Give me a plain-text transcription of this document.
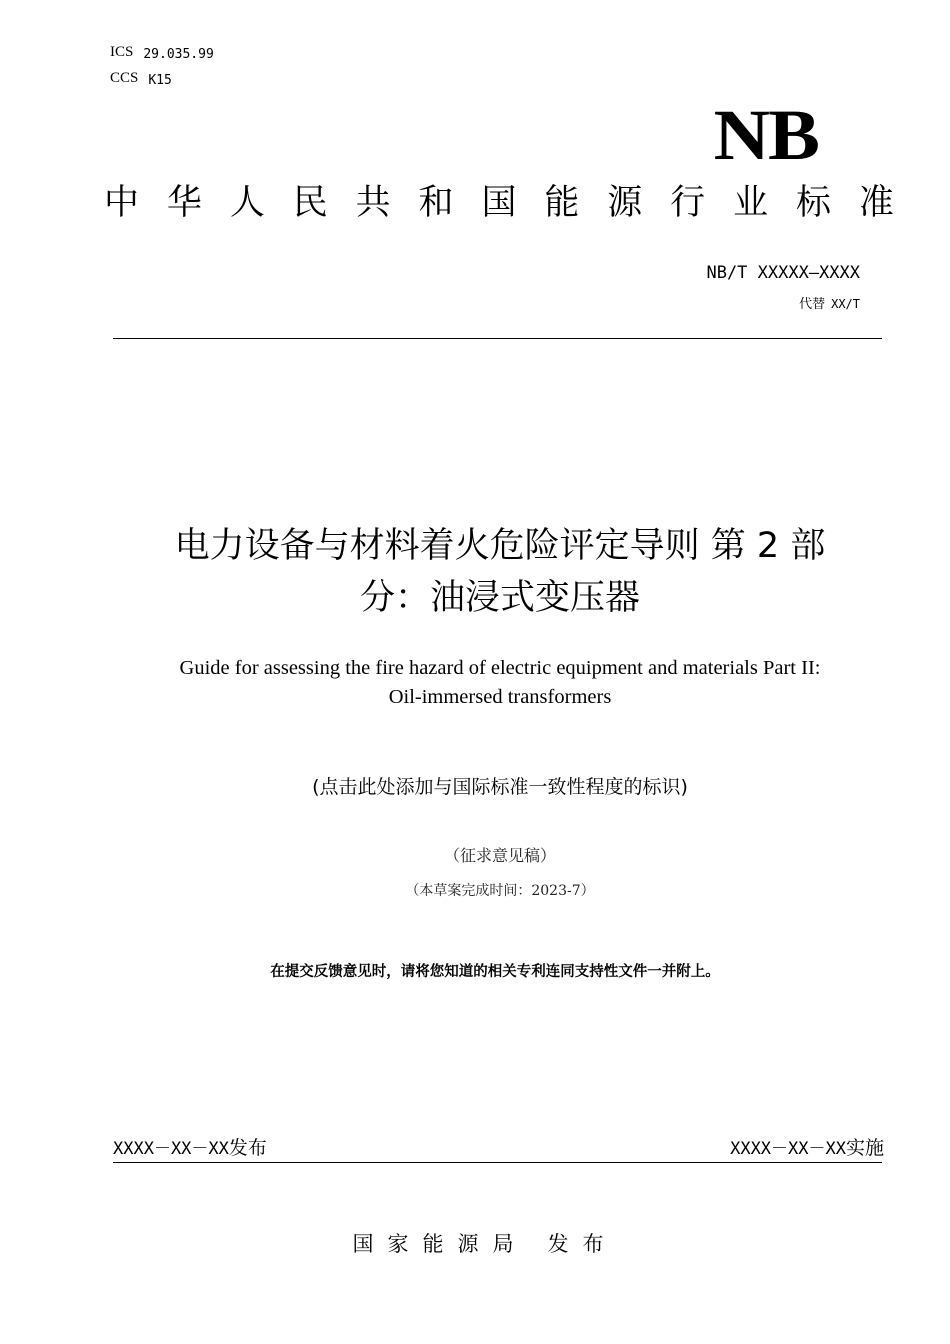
ICS 29.035.99
CCS K15
NB
中 华 人 民 共 和 国 能 源 行 业 标 准
NB/T XXXXX—XXXX
代替 XX/T
电力设备与材料着火危险评定导则 第 2 部
分：油浸式变压器
Guide for assessing the fire hazard of electric equipment and materials Part II:
Oil-immersed transformers
(点击此处添加与国际标准一致性程度的标识)
（征求意见稿）
（本草案完成时间：2023-7）
在提交反馈意见时，请将您知道的相关专利连同支持性文件一并附上。
XXXX－XX－XX发布	XXXX－XX－XX实施
国家能源局 发布
